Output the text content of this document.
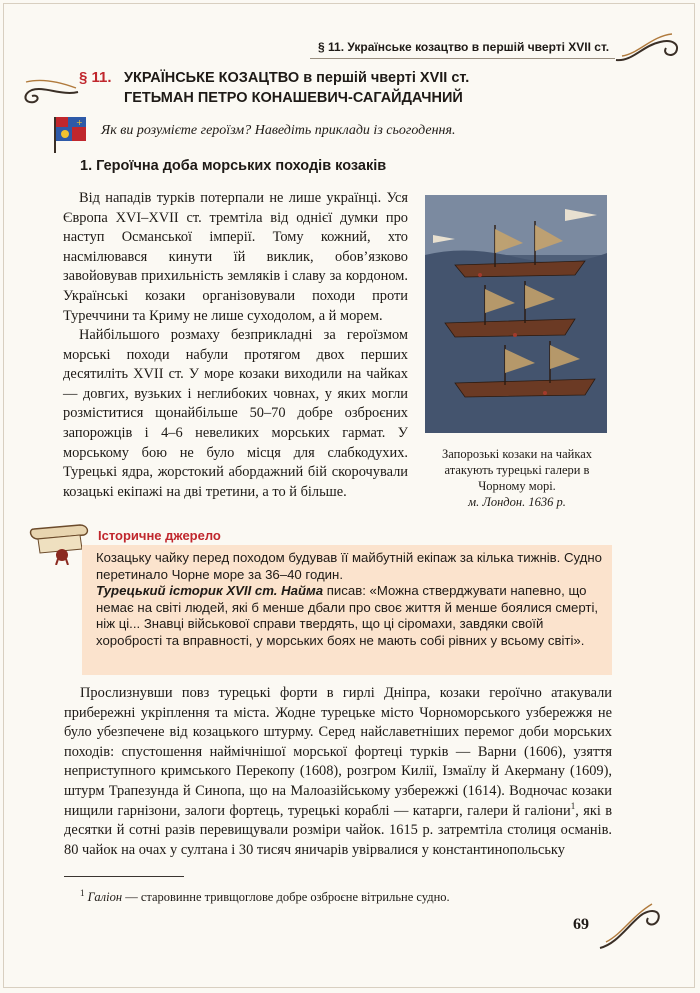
§ 11. Українське козацтво в першій чверті XVII ст.
§ 11. УКРАЇНСЬКЕ КОЗАЦТВО в першій чверті XVII ст.
ГЕТЬМАН ПЕТРО КОНАШЕВИЧ-САГАЙДАЧНИЙ
+
Як ви розумієте героїзм? Наведіть приклади із сьогодення.
1. Героїчна доба морських походів козаків
Від нападів турків потерпали не лише українці. Уся Європа XVI–XVII ст. тремтіла від однієї думки про наступ Османської імперії. Тому кожний, хто насмілювався кинути їй виклик, обов’язково завойовував прихильність земляків і славу за кордоном. Українські козаки організовували походи проти Туреччини та Криму не лише суходолом, а й морем.
Найбільшого розмаху безприкладні за героїзмом морські походи набули протягом двох перших десятиліть XVII ст. У море козаки виходили на чайках — довгих, вузьких і неглибоких човнах, у яких могли розміститися щонайбільше 50–70 добре озброєних запорожців і 4–6 невеликих морських гармат. У морському бою не було місця для слабкодухих. Турецькі ядра, жорстокий абордажний бій скорочували козацькі екіпажі на дві третини, а то й більше.
Запорозькі козаки на чайках атакують турецькі галери в Чорному морі.
м. Лондон. 1636 р.
Історичне джерело
Козацьку чайку перед походом будував її майбутній екіпаж за кілька тижнів. Судно перетинало Чорне море за 36–40 годин.
Турецький історик XVII ст. Найма писав: «Можна стверджувати напевно, що немає на світі людей, які б менше дбали про своє життя й менше боялися смерті, ніж ці... Знавці військової справи твердять, що ці сіромахи, завдяки своїй хоробрості та вправності, у морських боях не мають собі рівних у всьому світі».
Прослизнувши повз турецькі форти в гирлі Дніпра, козаки героїчно атакували прибережні укріплення та міста. Жодне турецьке місто Чорноморського узбережжя не було убезпечене від козацького штурму. Серед найславетніших перемог доби морських походів: спустошення наймічнішої морської фортеці турків — Варни (1606), узяття неприступного кримського Перекопу (1608), розгром Килії, Ізмаїлу й Акерману (1609), штурм Трапезунда й Синопа, що на Малоазійському узбережжі (1614). Водночас козаки нищили гарнізони, залоги фортець, турецькі кораблі — катарги, галери й галіони$^1$, які в десятки й сотні разів перевищували розміри чайок. 1615 р. затремтіла столиця османів. 80 чайок на очах у султана і 30 тисяч яничарів увірвалися у константинопольську
$^1$ Галіон — старовинне тривщоглове добре озброєне вітрильне судно.
69
